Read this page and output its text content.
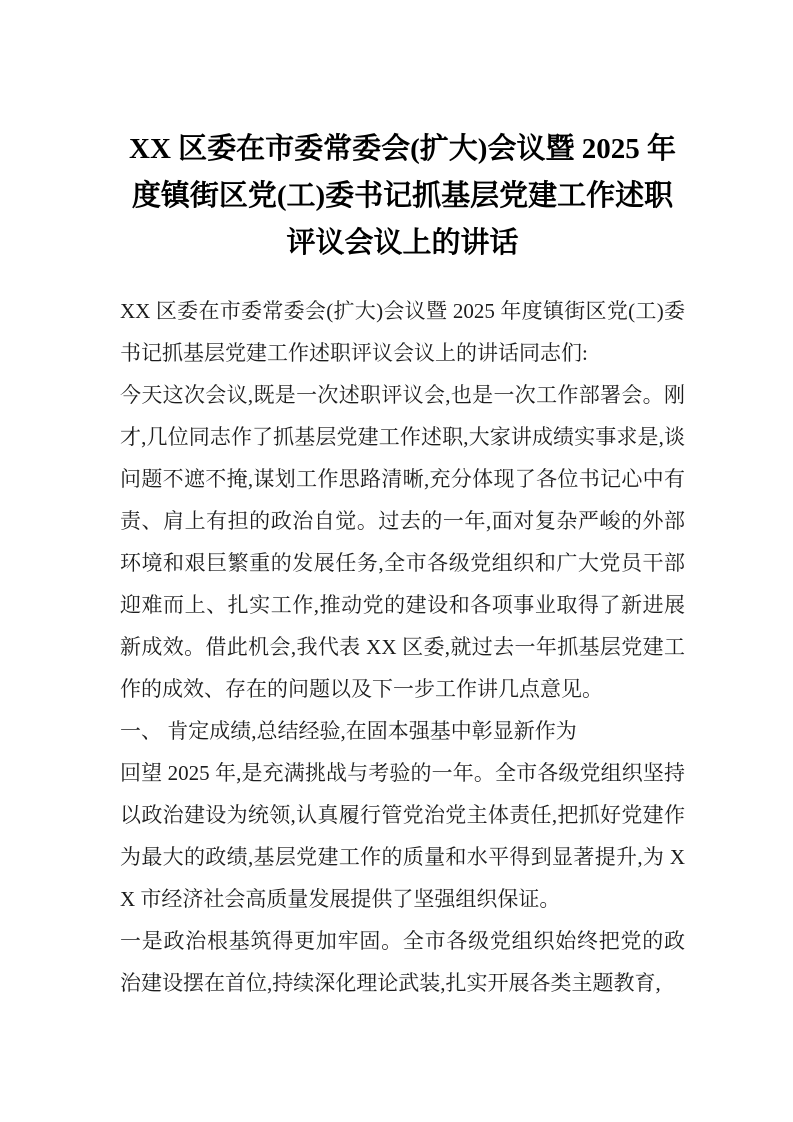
XX 区委在市委常委会(扩大)会议暨 2025 年度镇街区党(工)委书记抓基层党建工作述职评议会议上的讲话

XX 区委在市委常委会(扩大)会议暨 2025 年度镇街区党(工)委书记抓基层党建工作述职评议会议上的讲话同志们:

今天这次会议,既是一次述职评议会,也是一次工作部署会。刚才,几位同志作了抓基层党建工作述职,大家讲成绩实事求是,谈问题不遮不掩,谋划工作思路清晰,充分体现了各位书记心中有责、肩上有担的政治自觉。过去的一年,面对复杂严峻的外部环境和艰巨繁重的发展任务,全市各级党组织和广大党员干部迎难而上、扎实工作,推动党的建设和各项事业取得了新进展新成效。借此机会,我代表 XX 区委,就过去一年抓基层党建工作的成效、存在的问题以及下一步工作讲几点意见。

一、 肯定成绩,总结经验,在固本强基中彰显新作为

回望 2025 年,是充满挑战与考验的一年。全市各级党组织坚持以政治建设为统领,认真履行管党治党主体责任,把抓好党建作为最大的政绩,基层党建工作的质量和水平得到显著提升,为 XX 市经济社会高质量发展提供了坚强组织保证。

一是政治根基筑得更加牢固。全市各级党组织始终把党的政治建设摆在首位,持续深化理论武装,扎实开展各类主题教育,
